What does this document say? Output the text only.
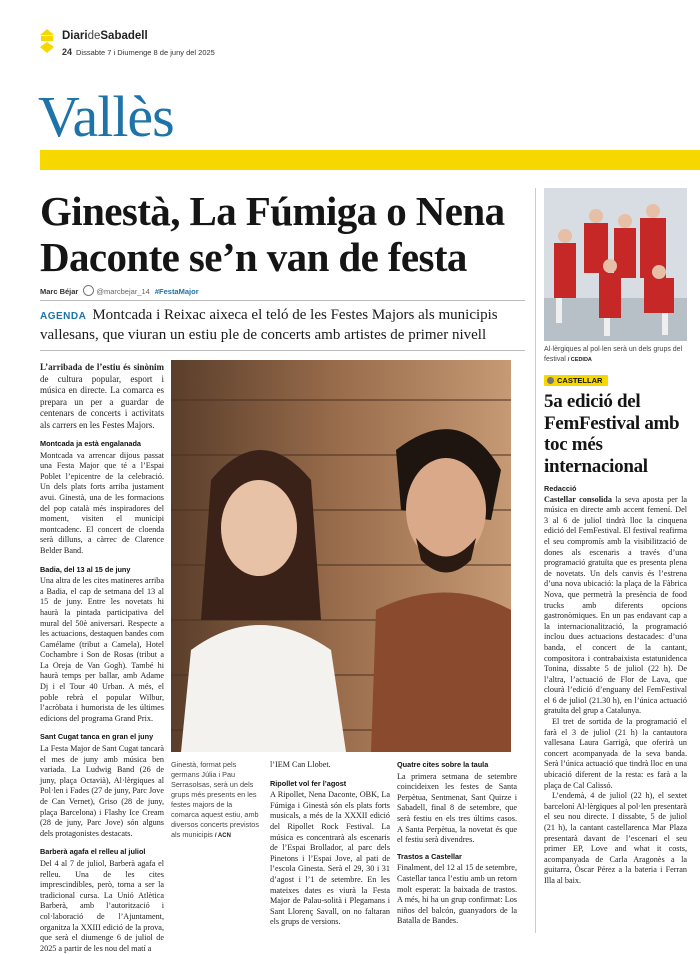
DiarideSabadell
24 Dissabte 7 i Diumenge 8 de juny del 2025
Vallès
Ginestà, La Fúmiga o Nena Daconte se’n van de festa
Marc Béjar @marcbejar_14 #FestaMajor
AGENDA Montcada i Reixac aixeca el teló de les Festes Majors als municipis vallesans, que viuran un estiu ple de concerts amb artistes de primer nivell

L’arribada de l’estiu és sinònim de cultura popular, esport i música en directe. La comarca es prepara un per a guardar de centenars de concerts i activitats als carrers en les Festes Majors.

Montcada ja està engalanada

Montcada va arrencar dijous passat una Festa Major que té a l’Espai Poblet l’epicentre de la celebració. Un dels plats forts arriba justament avui. Ginestà, una de les formacions del pop català més inspiradores del moment, visiten el municipi montcadenc. El concert de cloenda serà dilluns, a càrrec de Clarence Belder Band.

Badia, del 13 al 15 de juny

Una altra de les cites matineres arriba a Badia, el cap de setmana del 13 al 15 de juny. Entre les novetats hi haurà la pintada participativa del mural del 50è aniversari. Respecte a les actuacions, destaquen bandes com Camélame (tribut a Camela), Hotel Cochambre i Son de Rosas (tribut a La Oreja de Van Gogh). També hi haurà temps per ballar, amb Adame Dj i el Tour 40 Urban. A més, el poble rebrà el popular Wilbur, l’acròbata i humorista de les últimes edicions del programa Grand Prix.

Sant Cugat tanca en gran el juny

La Festa Major de Sant Cugat tancarà el mes de juny amb música ben variada. La Ludwig Band (26 de juny, plaça Octavià), Al·lèrgiques al Pol·len i Fades (27 de juny, Parc Jove de Can Vernet), Griso (28 de juny, plaça Barcelona) i Flashy Ice Cream (28 de juny, Parc Jove) són alguns dels protagonistes destacats.

Barberà agafa el relleu al juliol

Del 4 al 7 de juliol, Barberà agafa el relleu. Una de les cites imprescindibles, però, torna a ser la tradicional cursa. La Unió Atlètica Barberà, amb l’autorització i col·laboració de l’Ajuntament, organitza la XXIII edició de la prova, que serà el diumenge 6 de juliol de 2025 a partir de les nou del matí a

Ginestà, format pels germans Júlia i Pau Serrasolsas, serà un dels grups més presents en les festes majors de la comarca aquest estiu, amb diversos concerts previstos als municipis / ACN

l’IEM Can Llobet.

Ripollet vol fer l’agost

A Ripollet, Nena Daconte, OBK, La Fúmiga i Ginestà són els plats forts musicals, a més de la XXXII edició del Ripollet Rock Festival. La música es concentrarà als escenaris de l’Espai Brollador, al parc dels Pinetons i l’Espai Jove, al pati de l’escola Ginesta. Serà el 29, 30 i 31 d’agost i l’1 de setembre. En les mateixes dates es viurà la Festa Major de Palau-solità i Plegamans i Sant Llorenç Savall, on no faltaran els grups de versions.

Quatre cites sobre la taula

La primera setmana de setembre coincideixen les festes de Santa Perpètua, Sentmenat, Sant Quirze i Sabadell, final 8 de setembre, que serà festiu en els tres últims casos. A Santa Perpètua, la novetat és que el festiu serà divendres.

Trastos a Castellar

Finalment, del 12 al 15 de setembre, Castellar tanca l’estiu amb un retorn molt esperat: la baixada de trastos. A més, hi ha un grup confirmat: Los niños del balcón, guanyadors de la Batalla de Bandes.

Al·lèrgiques al pol·len serà un dels grups del festival / CEDIDA
CASTELLAR
5a edició del FemFestival amb toc més internacional
Redacció

Castellar consolida la seva aposta per la música en directe amb accent femení. Del 3 al 6 de juliol tindrà lloc la cinquena edició del FemFestival. El festival reafirma el seu compromís amb la visibilització de dones als escenaris a través d’una programació gratuïta que es presenta plena de novetats. Un dels canvis és l’estrena d’una nova ubicació: la plaça de la Fàbrica Nova, que permetrà la presència de food trucks amb diferents opcions gastronòmiques. En un pas endavant cap a la internacionalització, la programació inclou dues actuacions destacades: d’una banda, el concert de la cantant, compositora i contrabaixista estatunidenca Tonina, dissabte 5 de juliol (22 h). De l’altra, l’actuació de Flor de Lava, que clourà l’edició d’enguany del FemFestival el 6 de juliol (21.30 h), en l’única actuació gratuïta del grup a Catalunya.

El tret de sortida de la programació el farà el 3 de juliol (21 h) la cantautora vallesana Laura Garrigà, que oferirà un concert acompanyada de la seva banda. Serà l’única actuació que tindrà lloc en una ubicació diferent de la resta: es farà a la plaça de Cal Calissó.

L’endemà, 4 de juliol (22 h), el sextet barceloní Al·lèrgiques al pol·len presentarà el seu nou directe. I dissabte, 5 de juliol (21 h), la cantant castellarenca Mar Plaza presentarà davant de l’escenari el seu primer EP, Love and what it costs, acompanyada de Carla Aragonès a la guitarra, Òscar Pérez a la bateria i Ferran Illa al baix.
